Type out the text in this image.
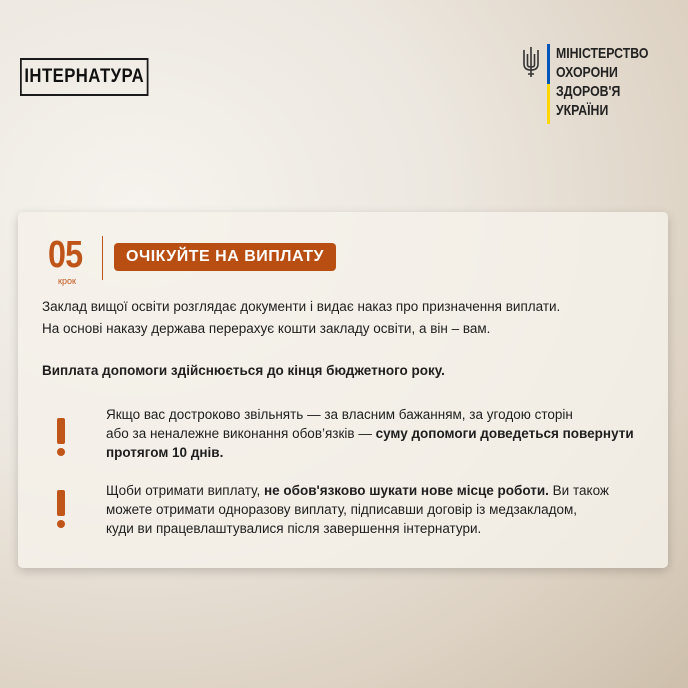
ІНТЕРНАТУРА
МІНІСТЕРСТВО
ОХОРОНИ
ЗДОРОВ'Я
УКРАЇНИ
05
крок
ОЧІКУЙТЕ НА ВИПЛАТУ
Заклад вищої освіти розглядає документи і видає наказ про призначення виплати.
На основі наказу держава перерахує кошти закладу освіти, а він – вам.
Виплата допомоги здійснюється до кінця бюджетного року.
Якщо вас достроково звільнять — за власним бажанням, за угодою сторін
або за неналежне виконання обов’язків — суму допомоги доведеться повернути
протягом 10 днів.
Щоби отримати виплату, не обов'язково шукати нове місце роботи. Ви також
можете отримати одноразову виплату, підписавши договір із медзакладом,
куди ви працевлаштувалися після завершення інтернатури.
